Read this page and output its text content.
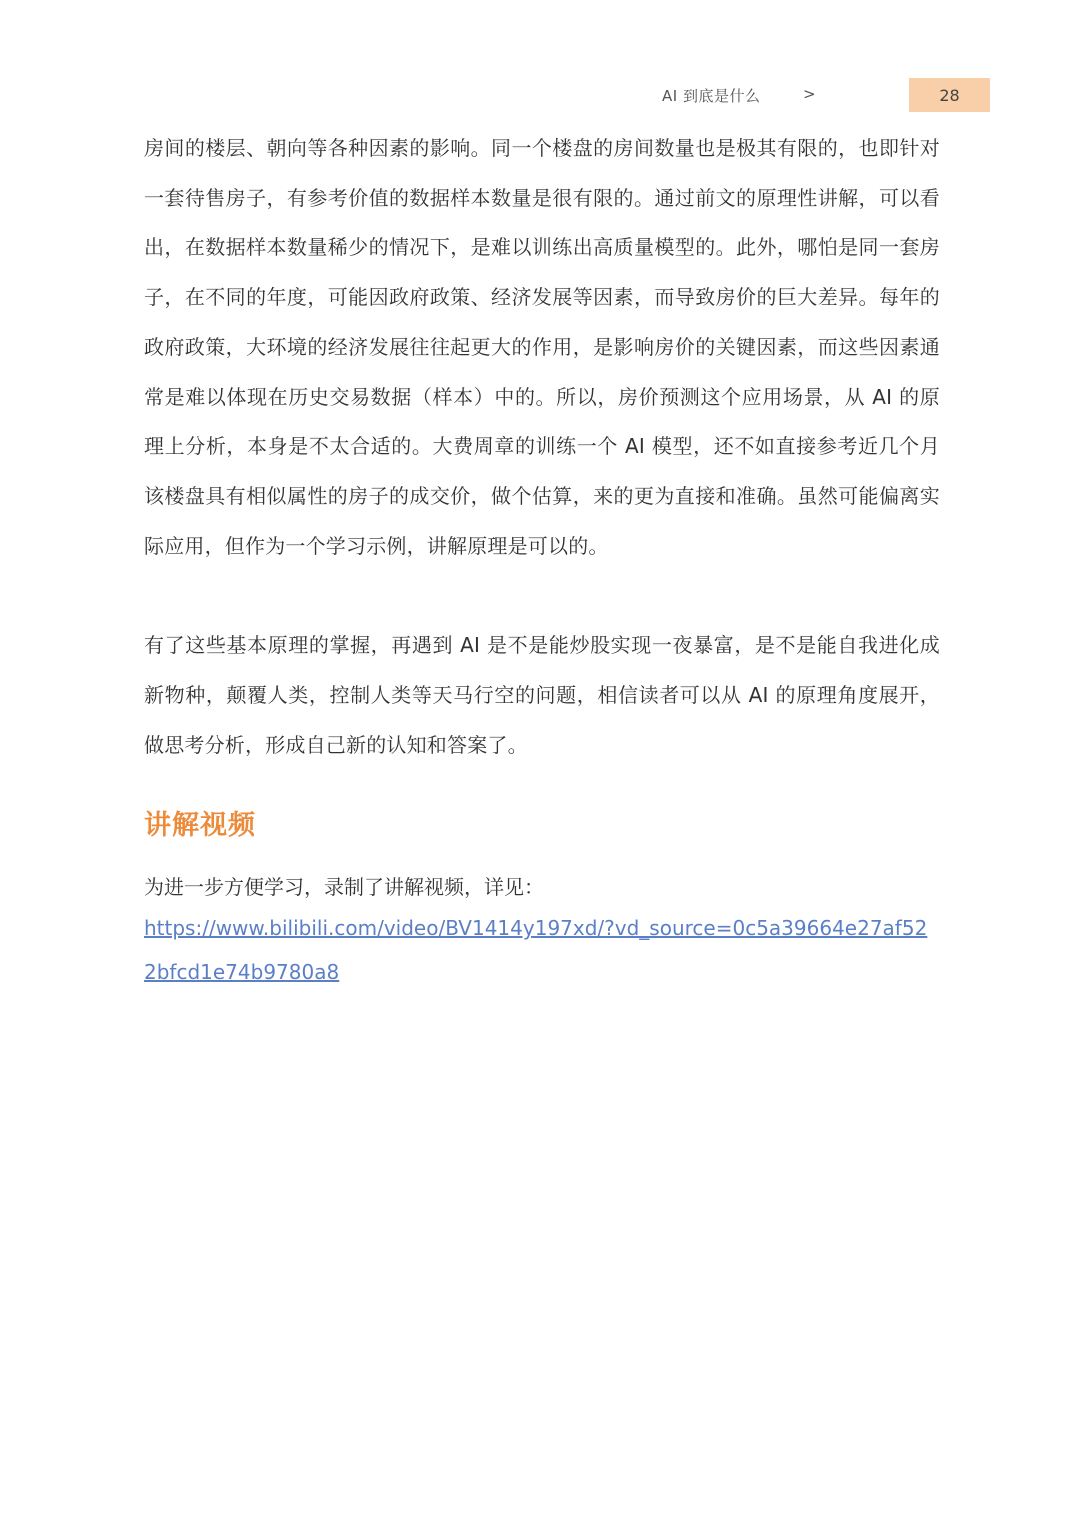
AI 到底是什么	>	28

房间的楼层、朝向等各种因素的影响。同一个楼盘的房间数量也是极其有限的，也即针对一套待售房子，有参考价值的数据样本数量是很有限的。通过前文的原理性讲解，可以看出，在数据样本数量稀少的情况下，是难以训练出高质量模型的。此外，哪怕是同一套房子，在不同的年度，可能因政府政策、经济发展等因素，而导致房价的巨大差异。每年的政府政策，大环境的经济发展往往起更大的作用，是影响房价的关键因素，而这些因素通常是难以体现在历史交易数据（样本）中的。所以，房价预测这个应用场景，从 AI 的原理上分析，本身是不太合适的。大费周章的训练一个 AI 模型，还不如直接参考近几个月该楼盘具有相似属性的房子的成交价，做个估算，来的更为直接和准确。虽然可能偏离实际应用，但作为一个学习示例，讲解原理是可以的。

有了这些基本原理的掌握，再遇到 AI 是不是能炒股实现一夜暴富，是不是能自我进化成新物种，颠覆人类，控制人类等天马行空的问题，相信读者可以从 AI 的原理角度展开，做思考分析，形成自己新的认知和答案了。

讲解视频

为进一步方便学习，录制了讲解视频，详见：

https://www.bilibili.com/video/BV1414y197xd/?vd_source=0c5a39664e27af522bfcd1e74b9780a8
